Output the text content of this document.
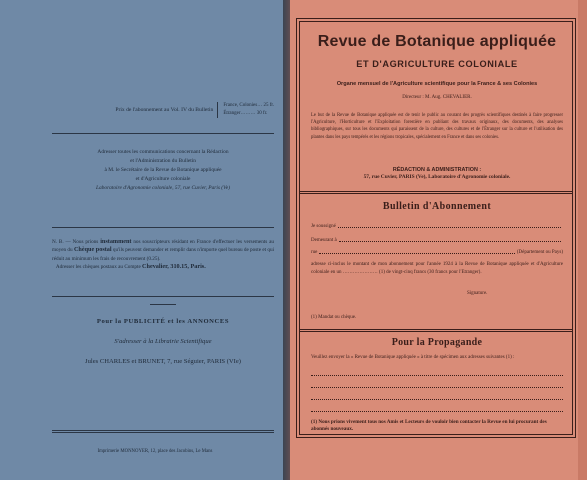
Prix de l'abonnement au Vol. IV du Bulletin
France, Colonies… 25 fr.
Étranger……… 30 fr.
Adresser toutes les communications concernant la Rédaction
et l'Administration du Bulletin
à M. le Secrétaire de la Revue de Botanique appliquée
et d'Agriculture coloniale
Laboratoire d'Agronomie coloniale, 57, rue Cuvier, Paris (Ve)
N. B. — Nous prions instamment nos souscripteurs résidant en France d'effectuer les versements au moyen du Chèque postal qu'ils peuvent demander et remplir dans n'importe quel bureau de poste et qui réduit au minimum les frais de recouvrement (0.25).
Adresser les chèques postaux au Compte Chevalier, 310.15, Paris.
Pour la PUBLICITÉ et les ANNONCES
S'adresser à la Librairie Scientifique
Jules CHARLES et BRUNET, 7, rue Séguier, PARIS (VIe)
Imprimerie MONNOYER, 12, place des Jacobins, Le Mans
Revue de Botanique appliquée
ET D'AGRICULTURE COLONIALE
Organe mensuel de l'Agriculture scientifique pour la France & ses Colonies
Directeur : M. Aug. CHEVALIER.
Le but de la Revue de Botanique appliquée est de tenir le public au courant des progrès scientifiques destinés à faire progresser l'Agriculture, l'Horticulture et l'Exploitation forestière en publiant des travaux originaux, des documents, des analyses bibliographiques, sur tous les documents qui paraissent de la culture, des cultures et de l'Étranger sur la culture et l'utilisation des plantes dans les pays tempérés et les régions tropicales, spécialement en France et dans ses colonies.
RÉDACTION & ADMINISTRATION :
57, rue Cuvier, PARIS (Ve), Laboratoire d'Agronomie coloniale.
Bulletin d'Abonnement
Je soussigné
Demeurant à
rue	(Département ou Pays)
adresse ci-inclus le montant de mon abonnement pour l'année 1924 à la Revue de Botanique appliquée et d'Agriculture coloniale en un ………………… (1) de vingt-cinq francs (30 francs pour l'Etranger).
Signature.
(1) Mandat ou chèque.
Pour la Propagande
Veuillez envoyer la « Revue de Botanique appliquée » à titre de spécimen aux adresses suivantes (1) :
(1) Nous prions vivement tous nos Amis et Lecteurs de vouloir bien contacter la Revue en lui procurant des abonnés nouveaux.
